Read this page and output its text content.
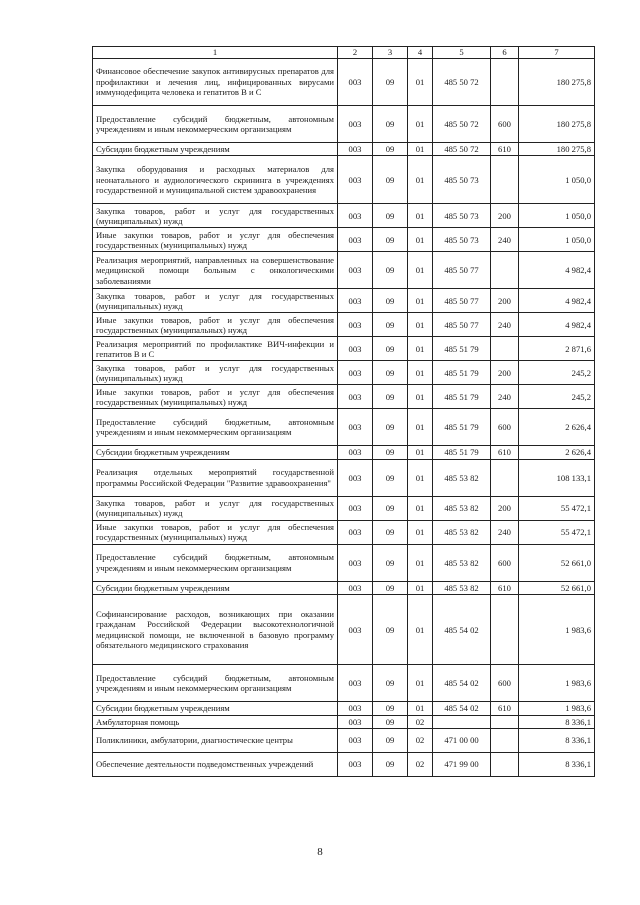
1	2	3	4	5	6	7
Финансовое обеспечение закупок антивирусных препаратов для профилактики и лечения лиц, инфицированных вирусами иммунодефицита человека и гепатитов В и С	003	09	01	485 50 72		180 275,8
Предоставление субсидий бюджетным, автономным учреждениям и иным некоммерческим организациям	003	09	01	485 50 72	600	180 275,8
Субсидии бюджетным учреждениям	003	09	01	485 50 72	610	180 275,8
Закупка оборудования и расходных материалов для неонатального и аудиологического скрининга в учреждениях государственной и муниципальной систем здравоохранения	003	09	01	485 50 73		1 050,0
Закупка товаров, работ и услуг для государственных (муниципальных) нужд	003	09	01	485 50 73	200	1 050,0
Иные закупки товаров, работ и услуг для обеспечения государственных (муниципальных) нужд	003	09	01	485 50 73	240	1 050,0
Реализация мероприятий, направленных на совершенствование медицинской помощи больным с онкологическими заболеваниями	003	09	01	485 50 77		4 982,4
Закупка товаров, работ и услуг для государственных (муниципальных) нужд	003	09	01	485 50 77	200	4 982,4
Иные закупки товаров, работ и услуг для обеспечения государственных (муниципальных) нужд	003	09	01	485 50 77	240	4 982,4
Реализация мероприятий по профилактике ВИЧ-инфекции и гепатитов В и С	003	09	01	485 51 79		2 871,6
Закупка товаров, работ и услуг для государственных (муниципальных) нужд	003	09	01	485 51 79	200	245,2
Иные закупки товаров, работ и услуг для обеспечения государственных (муниципальных) нужд	003	09	01	485 51 79	240	245,2
Предоставление субсидий бюджетным, автономным учреждениям и иным некоммерческим организациям	003	09	01	485 51 79	600	2 626,4
Субсидии бюджетным учреждениям	003	09	01	485 51 79	610	2 626,4
Реализация отдельных мероприятий государственной программы Российской Федерации "Развитие здравоохранения"	003	09	01	485 53 82		108 133,1
Закупка товаров, работ и услуг для государственных (муниципальных) нужд	003	09	01	485 53 82	200	55 472,1
Иные закупки товаров, работ и услуг для обеспечения государственных (муниципальных) нужд	003	09	01	485 53 82	240	55 472,1
Предоставление субсидий бюджетным, автономным учреждениям и иным некоммерческим организациям	003	09	01	485 53 82	600	52 661,0
Субсидии бюджетным учреждениям	003	09	01	485 53 82	610	52 661,0
Софинансирование расходов, возникающих при оказании гражданам Российской Федерации высокотехнологичной медицинской помощи, не включенной в базовую программу обязательного медицинского страхования	003	09	01	485 54 02		1 983,6
Предоставление субсидий бюджетным, автономным учреждениям и иным некоммерческим организациям	003	09	01	485 54 02	600	1 983,6
Субсидии бюджетным учреждениям	003	09	01	485 54 02	610	1 983,6
Амбулаторная помощь	003	09	02			8 336,1
Поликлиники, амбулатории, диагностические центры	003	09	02	471 00 00		8 336,1
Обеспечение деятельности подведомственных учреждений	003	09	02	471 99 00		8 336,1
8
